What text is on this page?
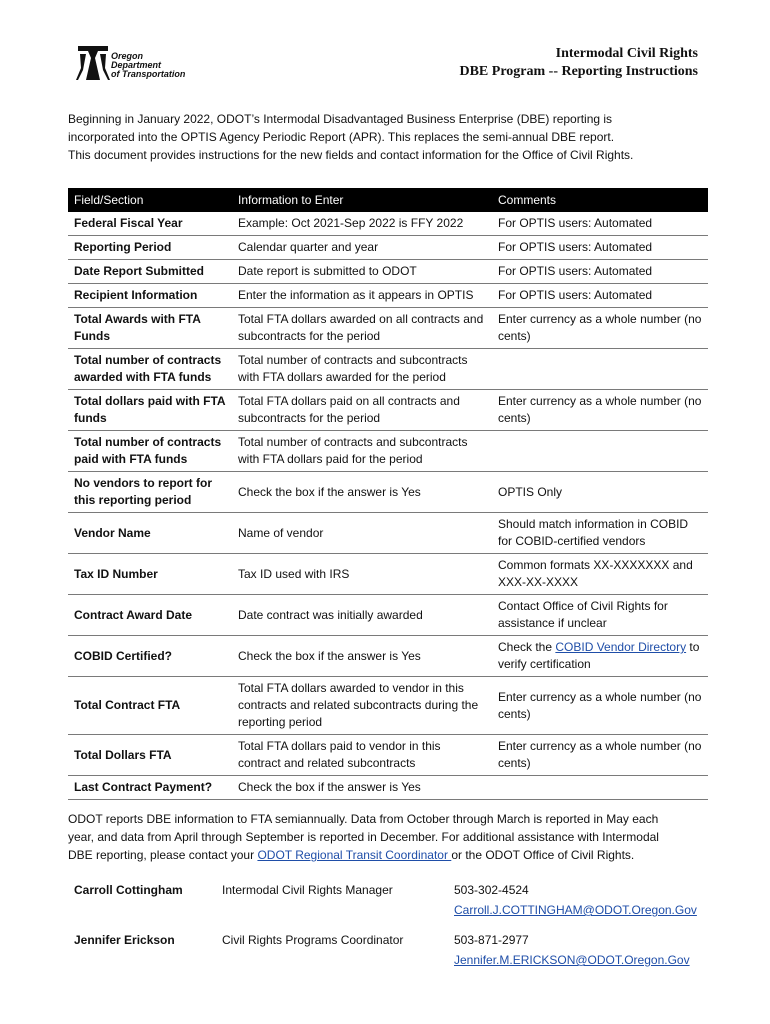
Oregon
Department
of Transportation
Intermodal Civil Rights
DBE Program -- Reporting Instructions

Beginning in January 2022, ODOT’s Intermodal Disadvantaged Business Enterprise (DBE) reporting is

incorporated into the OPTIS Agency Periodic Report (APR). This replaces the semi-annual DBE report.

This document provides instructions for the new fields and contact information for the Office of Civil Rights.

Field/Section	Information to Enter	Comments
Federal Fiscal Year	Example: Oct 2021-Sep 2022 is FFY 2022	For OPTIS users: Automated
Reporting Period	Calendar quarter and year	For OPTIS users: Automated
Date Report Submitted	Date report is submitted to ODOT	For OPTIS users: Automated
Recipient Information	Enter the information as it appears in OPTIS	For OPTIS users: Automated
Total Awards with FTA Funds	Total FTA dollars awarded on all contracts and subcontracts for the period	Enter currency as a whole number (no cents)
Total number of contracts awarded with FTA funds	Total number of contracts and subcontracts with FTA dollars awarded for the period	
Total dollars paid with FTA funds	Total FTA dollars paid on all contracts and subcontracts for the period	Enter currency as a whole number (no cents)
Total number of contracts paid with FTA funds	Total number of contracts and subcontracts with FTA dollars paid for the period	
No vendors to report for this reporting period	Check the box if the answer is Yes	OPTIS Only
Vendor Name	Name of vendor	Should match information in COBID for COBID-certified vendors
Tax ID Number	Tax ID used with IRS	Common formats XX-XXXXXXX and XXX-XX-XXXX
Contract Award Date	Date contract was initially awarded	Contact Office of Civil Rights for assistance if unclear
COBID Certified?	Check the box if the answer is Yes	Check the COBID Vendor Directory to verify certification
Total Contract FTA	Total FTA dollars awarded to vendor in this contracts and related subcontracts during the reporting period	Enter currency as a whole number (no cents)
Total Dollars FTA	Total FTA dollars paid to vendor in this contract and related subcontracts	Enter currency as a whole number (no cents)
Last Contract Payment?	Check the box if the answer is Yes	

ODOT reports DBE information to FTA semiannually. Data from October through March is reported in May each

year, and data from April through September is reported in December. For additional assistance with Intermodal

DBE reporting, please contact your ODOT Regional Transit Coordinator or the ODOT Office of Civil Rights.

Carroll Cottingham	Intermodal Civil Rights Manager	503-302-4524
Carroll.J.COTTINGHAM@ODOT.Oregon.Gov
Jennifer Erickson	Civil Rights Programs Coordinator	503-871-2977
Jennifer.M.ERICKSON@ODOT.Oregon.Gov
